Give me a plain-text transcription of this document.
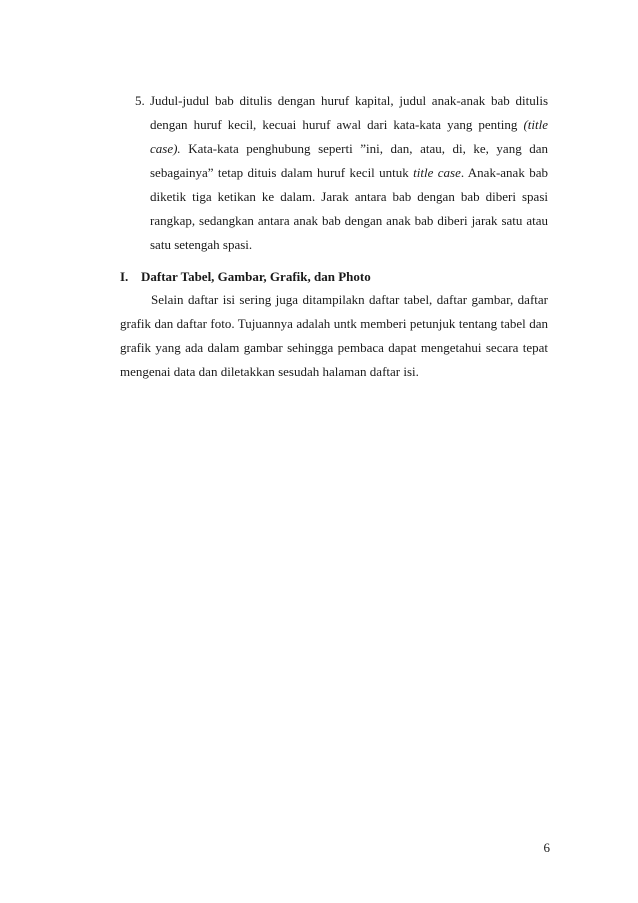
5. Judul-judul bab ditulis dengan huruf kapital, judul anak-anak bab ditulis
dengan huruf kecil, kecuai huruf awal dari kata-kata yang penting (title
case). Kata-kata penghubung seperti ”ini, dan, atau, di, ke, yang dan
sebagainya” tetap dituis dalam huruf kecil untuk title case. Anak-anak bab
diketik tiga ketikan ke dalam. Jarak antara bab dengan bab diberi spasi
rangkap, sedangkan antara anak bab dengan anak bab diberi jarak satu atau
satu setengah spasi.
I. Daftar Tabel, Gambar, Grafik, dan Photo
Selain daftar isi sering juga ditampilakn daftar tabel, daftar gambar, daftar
grafik dan daftar foto. Tujuannya adalah untk memberi petunjuk tentang tabel dan
grafik yang ada dalam gambar sehingga pembaca dapat mengetahui secara tepat
mengenai data dan diletakkan sesudah halaman daftar isi.
6
